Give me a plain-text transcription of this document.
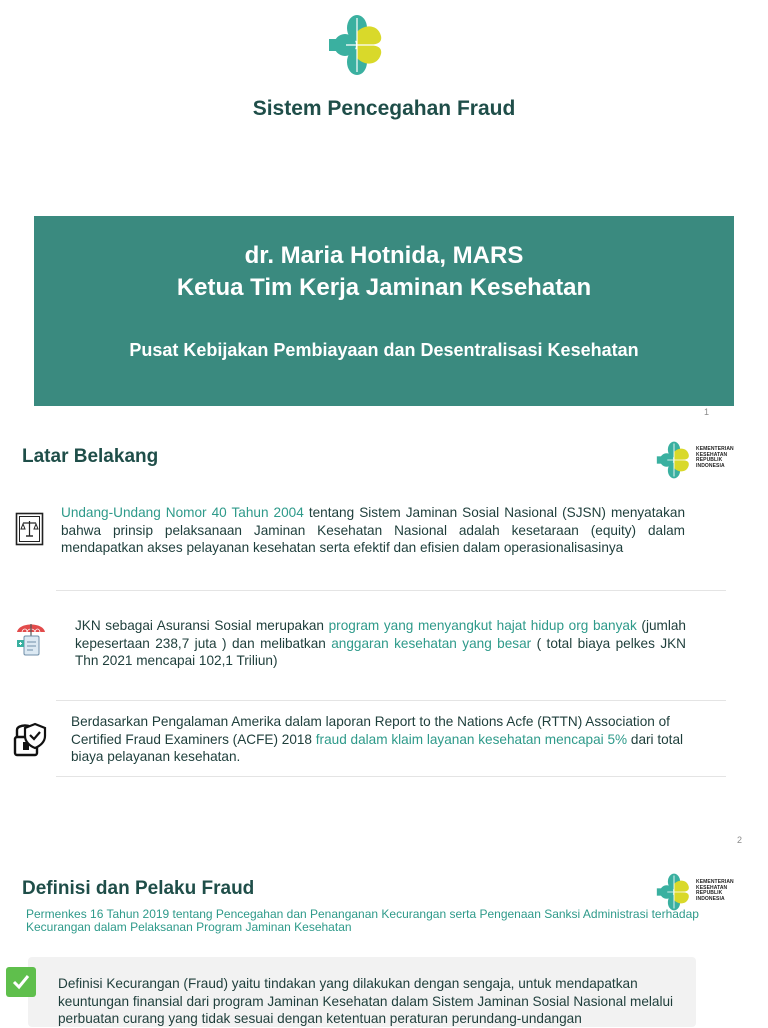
Sistem Pencegahan Fraud
dr. Maria Hotnida, MARS
Ketua Tim Kerja Jaminan Kesehatan
Pusat Kebijakan Pembiayaan dan Desentralisasi Kesehatan
1
Latar Belakang	KEMENTERIAN
KESEHATAN
REPUBLIK
INDONESIA
Undang-Undang Nomor 40 Tahun 2004 tentang Sistem Jaminan Sosial Nasional (SJSN) menyatakan bahwa prinsip pelaksanaan Jaminan Kesehatan Nasional adalah kesetaraan (equity) dalam mendapatkan akses pelayanan kesehatan serta efektif dan efisien dalam operasionalisasinya
JKN sebagai Asuransi Sosial merupakan program yang menyangkut hajat hidup org banyak (jumlah kepesertaan 238,7 juta ) dan melibatkan anggaran kesehatan yang besar ( total biaya pelkes JKN Thn 2021 mencapai 102,1 Triliun)
Berdasarkan Pengalaman Amerika dalam laporan Report to the Nations Acfe (RTTN) Association of Certified Fraud Examiners (ACFE) 2018 fraud dalam klaim layanan kesehatan mencapai 5% dari total biaya pelayanan kesehatan.
2
Definisi dan Pelaku Fraud	KEMENTERIAN
KESEHATAN
REPUBLIK
INDONESIA
Permenkes 16 Tahun 2019 tentang Pencegahan dan Penanganan Kecurangan serta Pengenaan Sanksi Administrasi terhadap Kecurangan dalam Pelaksanan Program Jaminan Kesehatan
Definisi Kecurangan (Fraud) yaitu tindakan yang dilakukan dengan sengaja, untuk mendapatkan keuntungan finansial dari program Jaminan Kesehatan dalam Sistem Jaminan Sosial Nasional melalui perbuatan curang yang tidak sesuai dengan ketentuan peraturan perundang-undangan
